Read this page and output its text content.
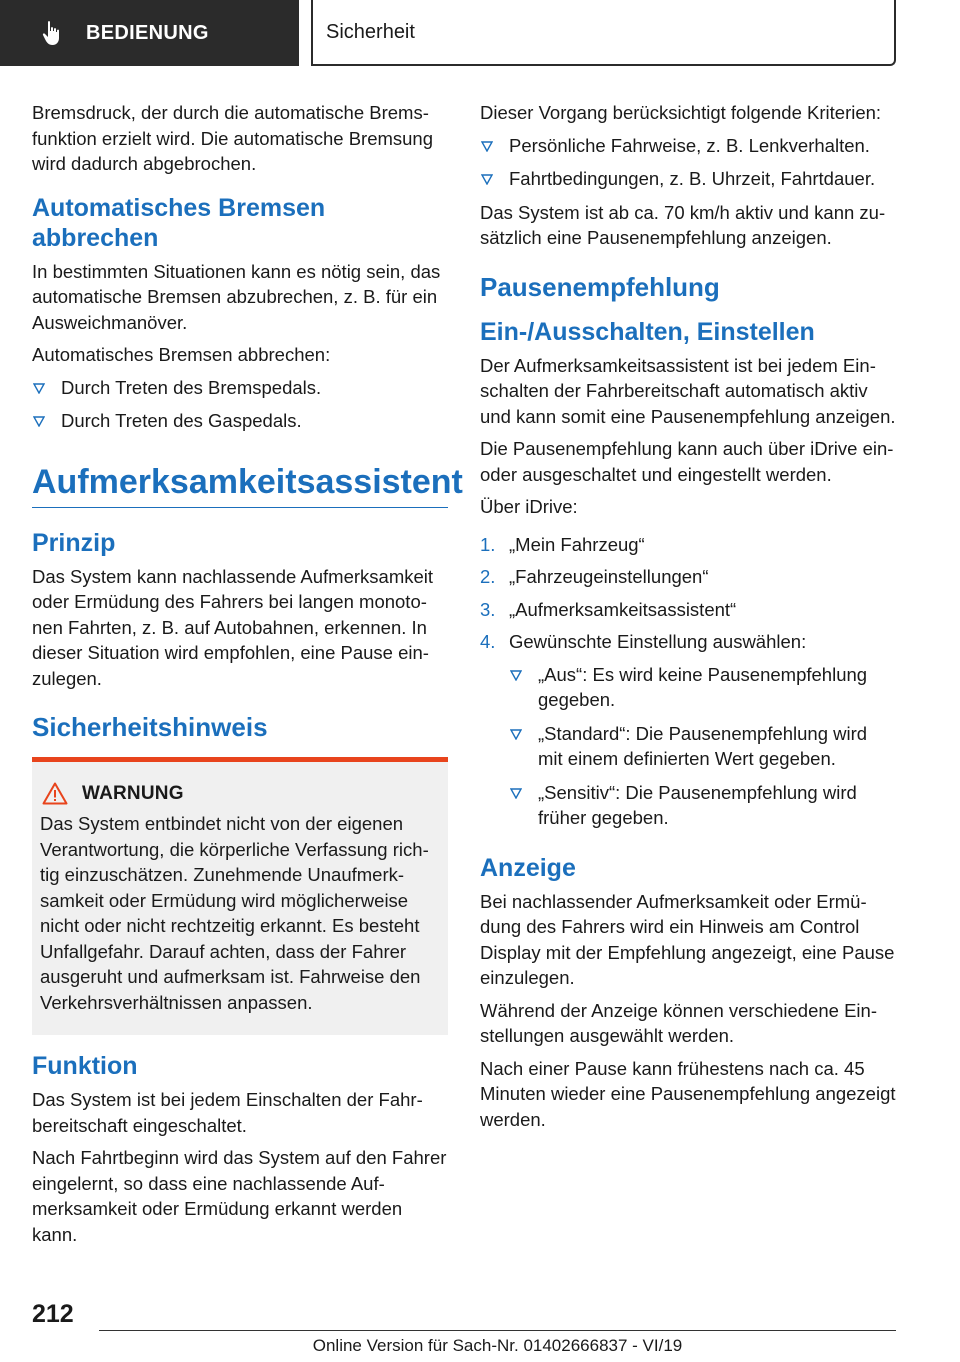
BEDIENUNG	Sicherheit

Bremsdruck, der durch die automatische Bremsfunktion erzielt wird. Die automatische Bremsung wird dadurch abgebrochen.

Automatisches Bremsen abbrechen

In bestimmten Situationen kann es nötig sein, das automatische Bremsen abzubrechen, z. B. für ein Ausweichmanöver.

Automatisches Bremsen abbrechen:

Durch Treten des Bremspedals.
Durch Treten des Gaspedals.
Aufmerksamkeitsassistent
Prinzip

Das System kann nachlassende Aufmerksamkeit oder Ermüdung des Fahrers bei langen monotonen Fahrten, z. B. auf Autobahnen, erkennen. In dieser Situation wird empfohlen, eine Pause einzulegen.

Sicherheitshinweis
WARNUNG

Das System entbindet nicht von der eigenen Verantwortung, die körperliche Verfassung richtig einzuschätzen. Zunehmende Unaufmerksamkeit oder Ermüdung wird möglicherweise nicht oder nicht rechtzeitig erkannt. Es besteht Unfallgefahr. Darauf achten, dass der Fahrer ausgeruht und aufmerksam ist. Fahrweise den Verkehrsverhältnissen anpassen.

Funktion

Das System ist bei jedem Einschalten der Fahrbereitschaft eingeschaltet.

Nach Fahrtbeginn wird das System auf den Fahrer eingelernt, so dass eine nachlassende Aufmerksamkeit oder Ermüdung erkannt werden kann.

Dieser Vorgang berücksichtigt folgende Kriterien:

Persönliche Fahrweise, z. B. Lenkverhalten.
Fahrtbedingungen, z. B. Uhrzeit, Fahrtdauer.

Das System ist ab ca. 70 km/h aktiv und kann zusätzlich eine Pausenempfehlung anzeigen.

Pausenempfehlung
Ein-/Ausschalten, Einstellen

Der Aufmerksamkeitsassistent ist bei jedem Einschalten der Fahrbereitschaft automatisch aktiv und kann somit eine Pausenempfehlung anzeigen.

Die Pausenempfehlung kann auch über iDrive ein- oder ausgeschaltet und eingestellt werden.

Über iDrive:

1. „Mein Fahrzeug“
2. „Fahrzeugeinstellungen“
3. „Aufmerksamkeitsassistent“
4. Gewünschte Einstellung auswählen:
„Aus“: Es wird keine Pausenempfehlung gegeben.
„Standard“: Die Pausenempfehlung wird mit einem definierten Wert gegeben.
„Sensitiv“: Die Pausenempfehlung wird früher gegeben.
Anzeige

Bei nachlassender Aufmerksamkeit oder Ermüdung des Fahrers wird ein Hinweis am Control Display mit der Empfehlung angezeigt, eine Pause einzulegen.

Während der Anzeige können verschiedene Einstellungen ausgewählt werden.

Nach einer Pause kann frühestens nach ca. 45 Minuten wieder eine Pausenempfehlung angezeigt werden.

212
Online Version für Sach-Nr. 01402666837 - VI/19
